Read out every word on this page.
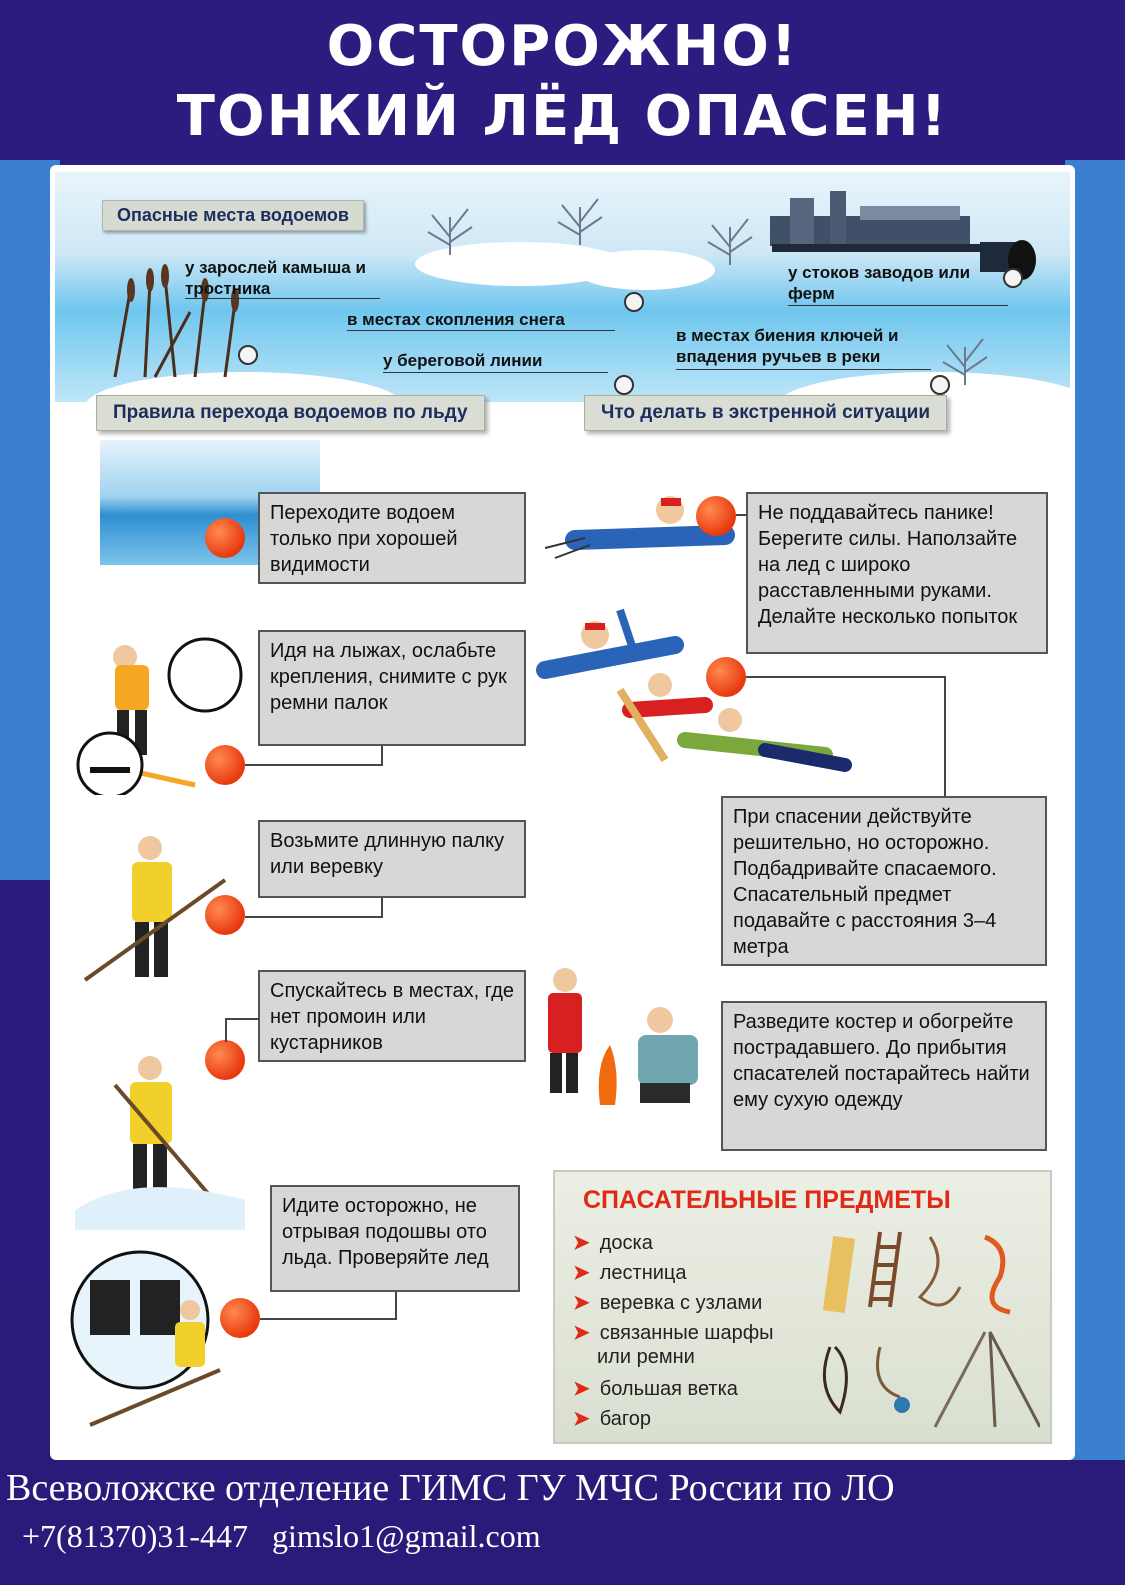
ОСТОРОЖНО!
ТОНКИЙ ЛЁД ОПАСЕН!
Опасные места водоемов
у зарослей камыша и тростника
у стоков заводов или ферм
в местах скопления снега
в местах биения ключей и впадения ручьев в реки
у береговой линии
Правила перехода водоемов по льду	Что делать в экстренной ситуации
Переходите водоем только при хорошей видимости
Идя на лыжах, ослабьте крепления, снимите с рук ремни палок
Возьмите длинную палку или веревку
Спускайтесь в местах, где нет промоин или кустарников
Идите осторожно, не отрывая подошвы ото льда. Проверяйте лед
Не поддавайтесь панике! Берегите силы. Наползайте на лед с широко расставленными руками. Делайте несколько попыток
При спасении действуйте решительно, но осторожно. Подбадривайте спасаемого. Спасательный предмет подавайте с расстояния 3–4 метра
Разведите костер и обогрейте пострадавшего. До прибытия спасателей постарайтесь найти ему сухую одежду
СПАСАТЕЛЬНЫЕ ПРЕДМЕТЫ
➤ доска
➤ лестница
➤ веревка с узлами
➤ связанные шарфы
или ремни
➤ большая ветка
➤ багор
Всеволожске отделение ГИМС ГУ МЧС России по ЛО
+7(81370)31-447   gimslo1@gmail.com
